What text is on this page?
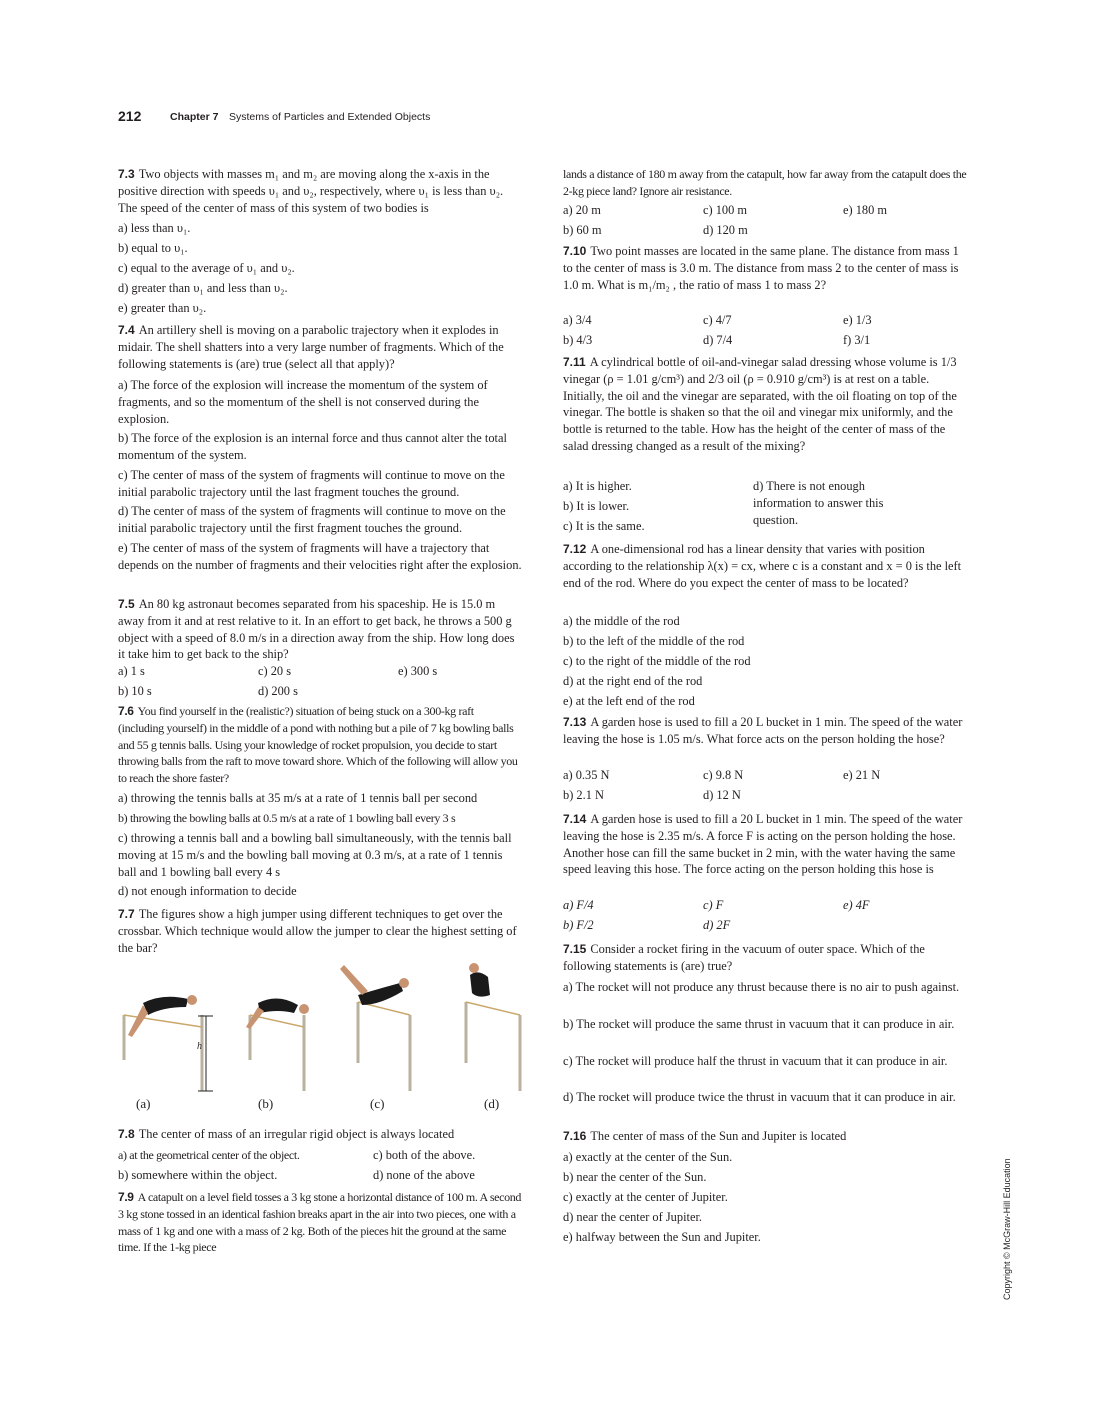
212	Chapter 7 Systems of Particles and Extended Objects
7.3 Two objects with masses m₁ and m₂ are moving along the x-axis in the positive direction with speeds υ₁ and υ₂, respectively, where υ₁ is less than υ₂. The speed of the center of mass of this system of two bodies is
a) less than υ₁.
b) equal to υ₁.
c) equal to the average of υ₁ and υ₂.
d) greater than υ₁ and less than υ₂.
e) greater than υ₂.
7.4 An artillery shell is moving on a parabolic trajectory when it explodes in midair. The shell shatters into a very large number of fragments. Which of the following statements is (are) true (select all that apply)?
a) The force of the explosion will increase the momentum of the system of fragments, and so the momentum of the shell is not conserved during the explosion.
b) The force of the explosion is an internal force and thus cannot alter the total momentum of the system.
c) The center of mass of the system of fragments will continue to move on the initial parabolic trajectory until the last fragment touches the ground.
d) The center of mass of the system of fragments will continue to move on the initial parabolic trajectory until the first fragment touches the ground.
e) The center of mass of the system of fragments will have a trajectory that depends on the number of fragments and their velocities right after the explosion.
7.5 An 80 kg astronaut becomes separated from his spaceship. He is 15.0 m away from it and at rest relative to it. In an effort to get back, he throws a 500 g object with a speed of 8.0 m/s in a direction away from the ship. How long does it take him to get back to the ship?
a) 1 s	c) 20 s	e) 300 s
b) 10 s	d) 200 s
7.6 You find yourself in the (realistic?) situation of being stuck on a 300-kg raft (including yourself) in the middle of a pond with nothing but a pile of 7 kg bowling balls and 55 g tennis balls. Using your knowledge of rocket propulsion, you decide to start throwing balls from the raft to move toward shore. Which of the following will allow you to reach the shore faster?
a) throwing the tennis balls at 35 m/s at a rate of 1 tennis ball per second
b) throwing the bowling balls at 0.5 m/s at a rate of 1 bowling ball every 3 s
c) throwing a tennis ball and a bowling ball simultaneously, with the tennis ball moving at 15 m/s and the bowling ball moving at 0.3 m/s, at a rate of 1 tennis ball and 1 bowling ball every 4 s
d) not enough information to decide
7.7 The figures show a high jumper using different techniques to get over the crossbar. Which technique would allow the jumper to clear the highest setting of the bar?
h
(a)	(b)	(c)	(d)
7.8 The center of mass of an irregular rigid object is always located
a) at the geometrical center of the object.	c) both of the above.
b) somewhere within the object.	d) none of the above
7.9 A catapult on a level field tosses a 3 kg stone a horizontal distance of 100 m. A second 3 kg stone tossed in an identical fashion breaks apart in the air into two pieces, one with a mass of 1 kg and one with a mass of 2 kg. Both of the pieces hit the ground at the same time. If the 1-kg piece
lands a distance of 180 m away from the catapult, how far away from the catapult does the 2-kg piece land? Ignore air resistance.
a) 20 m	c) 100 m	e) 180 m
b) 60 m	d) 120 m
7.10 Two point masses are located in the same plane. The distance from mass 1 to the center of mass is 3.0 m. The distance from mass 2 to the center of mass is 1.0 m. What is m₁/m₂ , the ratio of mass 1 to mass 2?
a) 3/4	c) 4/7	e) 1/3
b) 4/3	d) 7/4	f) 3/1
7.11 A cylindrical bottle of oil-and-vinegar salad dressing whose volume is 1/3 vinegar (ρ = 1.01 g/cm³) and 2/3 oil (ρ = 0.910 g/cm³) is at rest on a table. Initially, the oil and the vinegar are separated, with the oil floating on top of the vinegar. The bottle is shaken so that the oil and vinegar mix uniformly, and the bottle is returned to the table. How has the height of the center of mass of the salad dressing changed as a result of the mixing?
a) It is higher.
b) It is lower.
c) It is the same.
d) There is not enough information to answer this question.
7.12 A one-dimensional rod has a linear density that varies with position according to the relationship λ(x) = cx, where c is a constant and x = 0 is the left end of the rod. Where do you expect the center of mass to be located?
a) the middle of the rod
b) to the left of the middle of the rod
c) to the right of the middle of the rod
d) at the right end of the rod
e) at the left end of the rod
7.13 A garden hose is used to fill a 20 L bucket in 1 min. The speed of the water leaving the hose is 1.05 m/s. What force acts on the person holding the hose?
a) 0.35 N	c) 9.8 N	e) 21 N
b) 2.1 N	d) 12 N
7.14 A garden hose is used to fill a 20 L bucket in 1 min. The speed of the water leaving the hose is 2.35 m/s. A force F is acting on the person holding the hose. Another hose can fill the same bucket in 2 min, with the water having the same speed leaving this hose. The force acting on the person holding this hose is
a) F/4	c) F	e) 4F
b) F/2	d) 2F
7.15 Consider a rocket firing in the vacuum of outer space. Which of the following statements is (are) true?
a) The rocket will not produce any thrust because there is no air to push against.
b) The rocket will produce the same thrust in vacuum that it can produce in air.
c) The rocket will produce half the thrust in vacuum that it can produce in air.
d) The rocket will produce twice the thrust in vacuum that it can produce in air.
7.16 The center of mass of the Sun and Jupiter is located
a) exactly at the center of the Sun.
b) near the center of the Sun.
c) exactly at the center of Jupiter.
d) near the center of Jupiter.
e) halfway between the Sun and Jupiter.	Copyright © McGraw-Hill Education
